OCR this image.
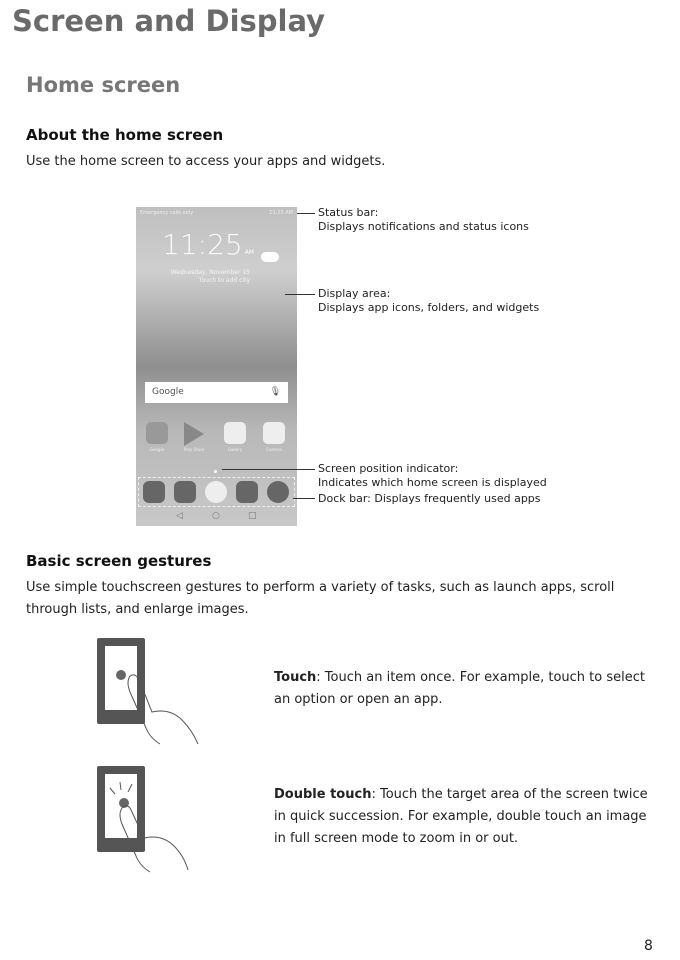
Screen and Display
Home screen
About the home screen
Use the home screen to access your apps and widgets.
Emergency calls only	11:25 AM
11:25 AM
Wednesday, November 15
Touch to add city
Google	🎙
Google	Play Store	Gallery	Camera
◁	○	□
Status bar:
Displays notifications and status icons
Display area:
Displays app icons, folders, and widgets
Screen position indicator:
Indicates which home screen is displayed
Dock bar: Displays frequently used apps
Basic screen gestures
Use simple touchscreen gestures to perform a variety of tasks, such as launch apps, scroll through lists, and enlarge images.
Touch: Touch an item once. For example, touch to select an option or open an app.
Double touch: Touch the target area of the screen twice in quick succession. For example, double touch an image in full screen mode to zoom in or out.
8
